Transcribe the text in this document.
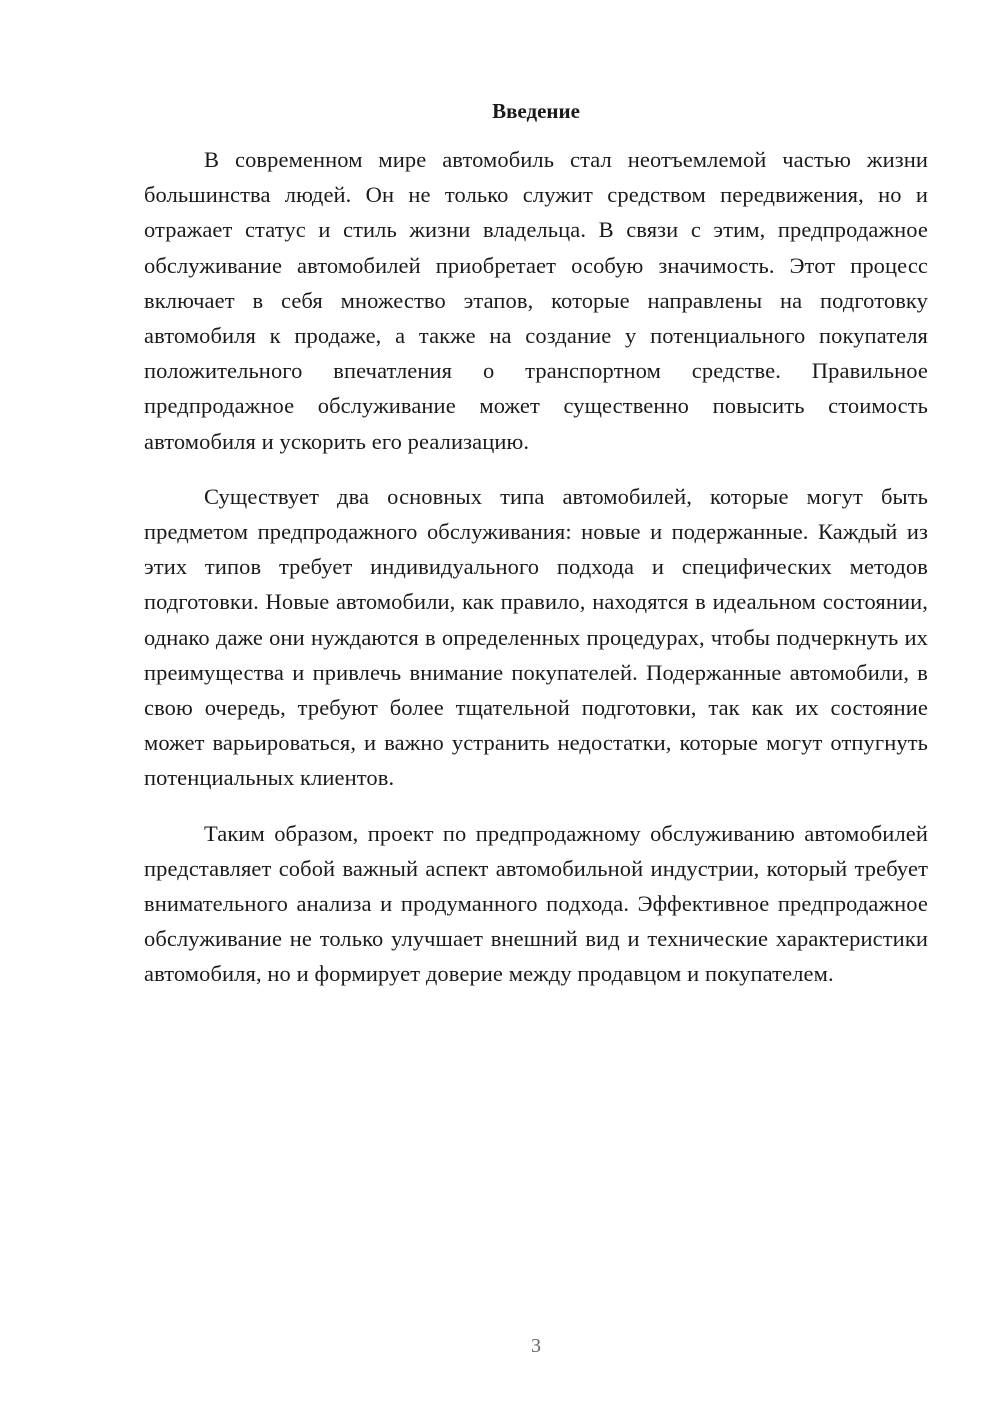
Введение

В современном мире автомобиль стал неотъемлемой частью жизни большинства людей. Он не только служит средством передвижения, но и отражает статус и стиль жизни владельца. В связи с этим, предпродажное обслуживание автомобилей приобретает особую значимость. Этот процесс включает в себя множество этапов, которые направлены на подготовку автомобиля к продаже, а также на создание у потенциального покупателя положительного впечатления о транспортном средстве. Правильное предпродажное обслуживание может существенно повысить стоимость автомобиля и ускорить его реализацию.

Существует два основных типа автомобилей, которые могут быть предметом предпродажного обслуживания: новые и подержанные. Каждый из этих типов требует индивидуального подхода и специфических методов подготовки. Новые автомобили, как правило, находятся в идеальном состоянии, однако даже они нуждаются в определенных процедурах, чтобы подчеркнуть их преимущества и привлечь внимание покупателей. Подержанные автомобили, в свою очередь, требуют более тщательной подготовки, так как их состояние может варьироваться, и важно устранить недостатки, которые могут отпугнуть потенциальных клиентов.

Таким образом, проект по предпродажному обслуживанию автомобилей представляет собой важный аспект автомобильной индустрии, который требует внимательного анализа и продуманного подхода. Эффективное предпродажное обслуживание не только улучшает внешний вид и технические характеристики автомобиля, но и формирует доверие между продавцом и покупателем.

3
